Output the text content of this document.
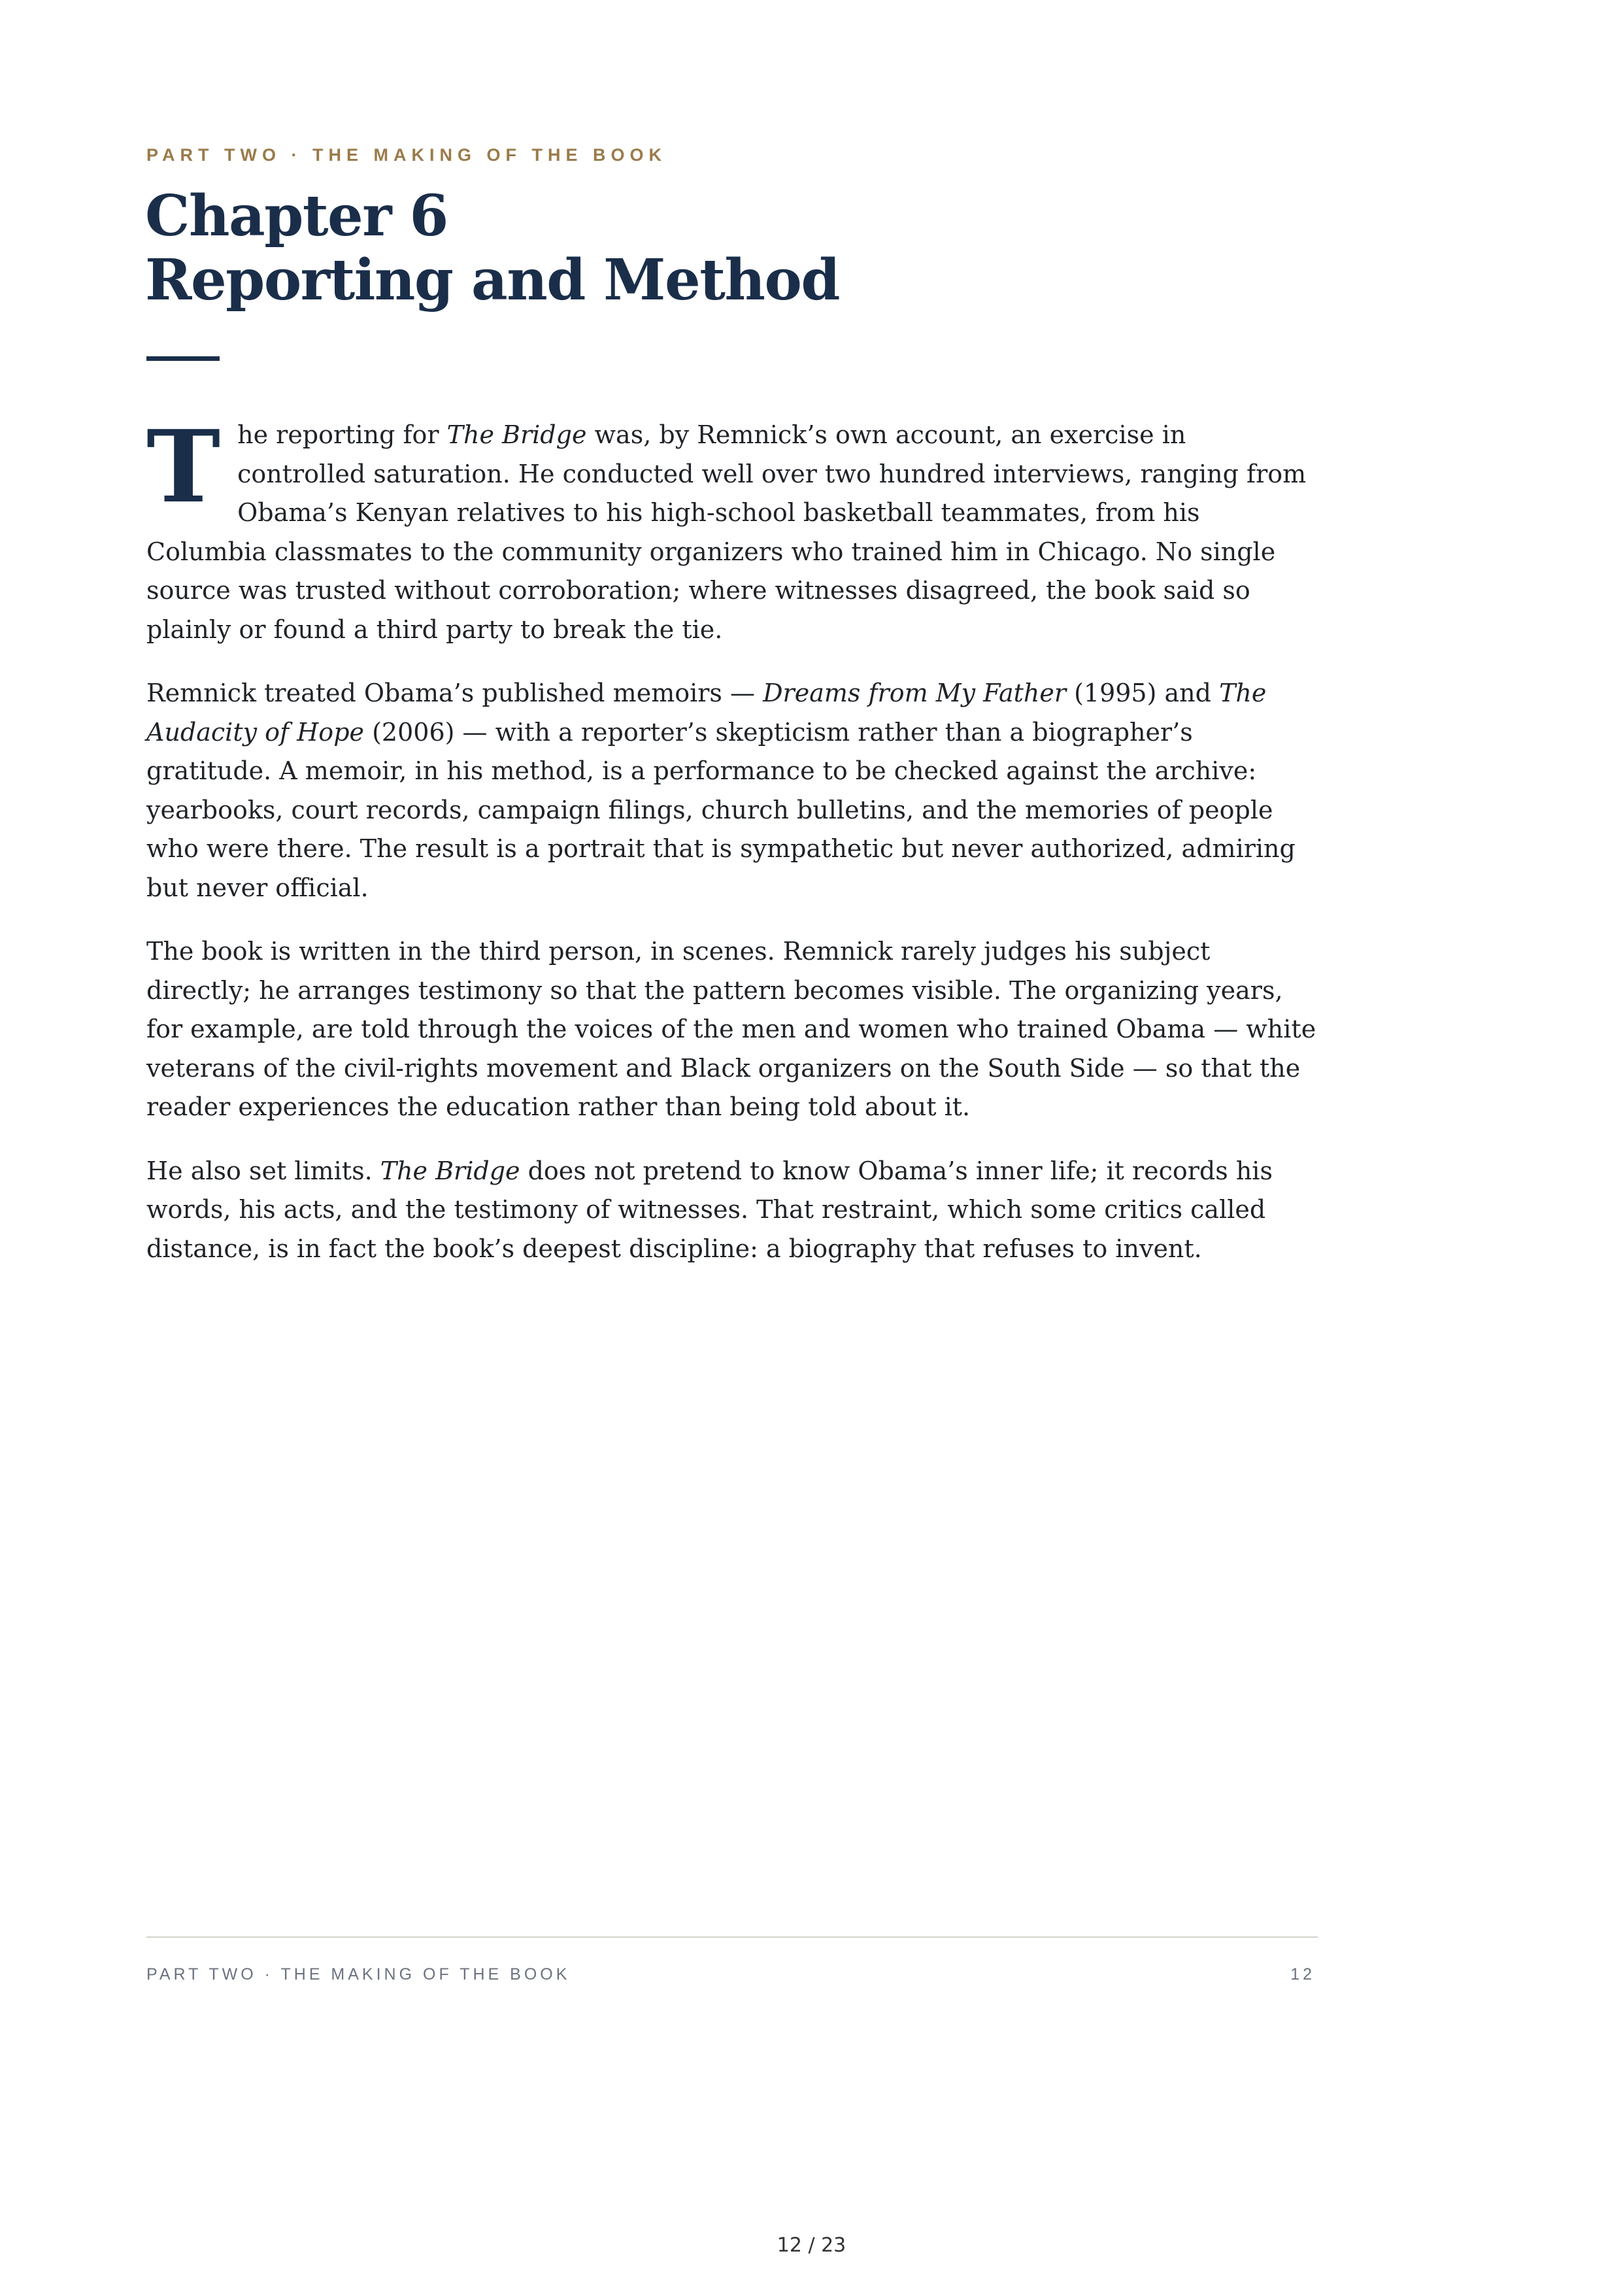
PART TWO · THE MAKING OF THE BOOK
Chapter 6
Reporting and Method

The reporting for The Bridge was, by Remnick’s own account, an exercise in controlled saturation. He conducted well over two hundred interviews, ranging from Obama’s Kenyan relatives to his high-school basketball teammates, from his Columbia classmates to the community organizers who trained him in Chicago. No single source was trusted without corroboration; where witnesses disagreed, the book said so plainly or found a third party to break the tie.

Remnick treated Obama’s published memoirs — Dreams from My Father (1995) and The Audacity of Hope (2006) — with a reporter’s skepticism rather than a biographer’s gratitude. A memoir, in his method, is a performance to be checked against the archive: yearbooks, court records, campaign filings, church bulletins, and the memories of people who were there. The result is a portrait that is sympathetic but never authorized, admiring but never official.

The book is written in the third person, in scenes. Remnick rarely judges his subject directly; he arranges testimony so that the pattern becomes visible. The organizing years, for example, are told through the voices of the men and women who trained Obama — white veterans of the civil-rights movement and Black organizers on the South Side — so that the reader experiences the education rather than being told about it.

He also set limits. The Bridge does not pretend to know Obama’s inner life; it records his words, his acts, and the testimony of witnesses. That restraint, which some critics called distance, is in fact the book’s deepest discipline: a biography that refuses to invent.

PART TWO · THE MAKING OF THE BOOK	12
12 / 23
